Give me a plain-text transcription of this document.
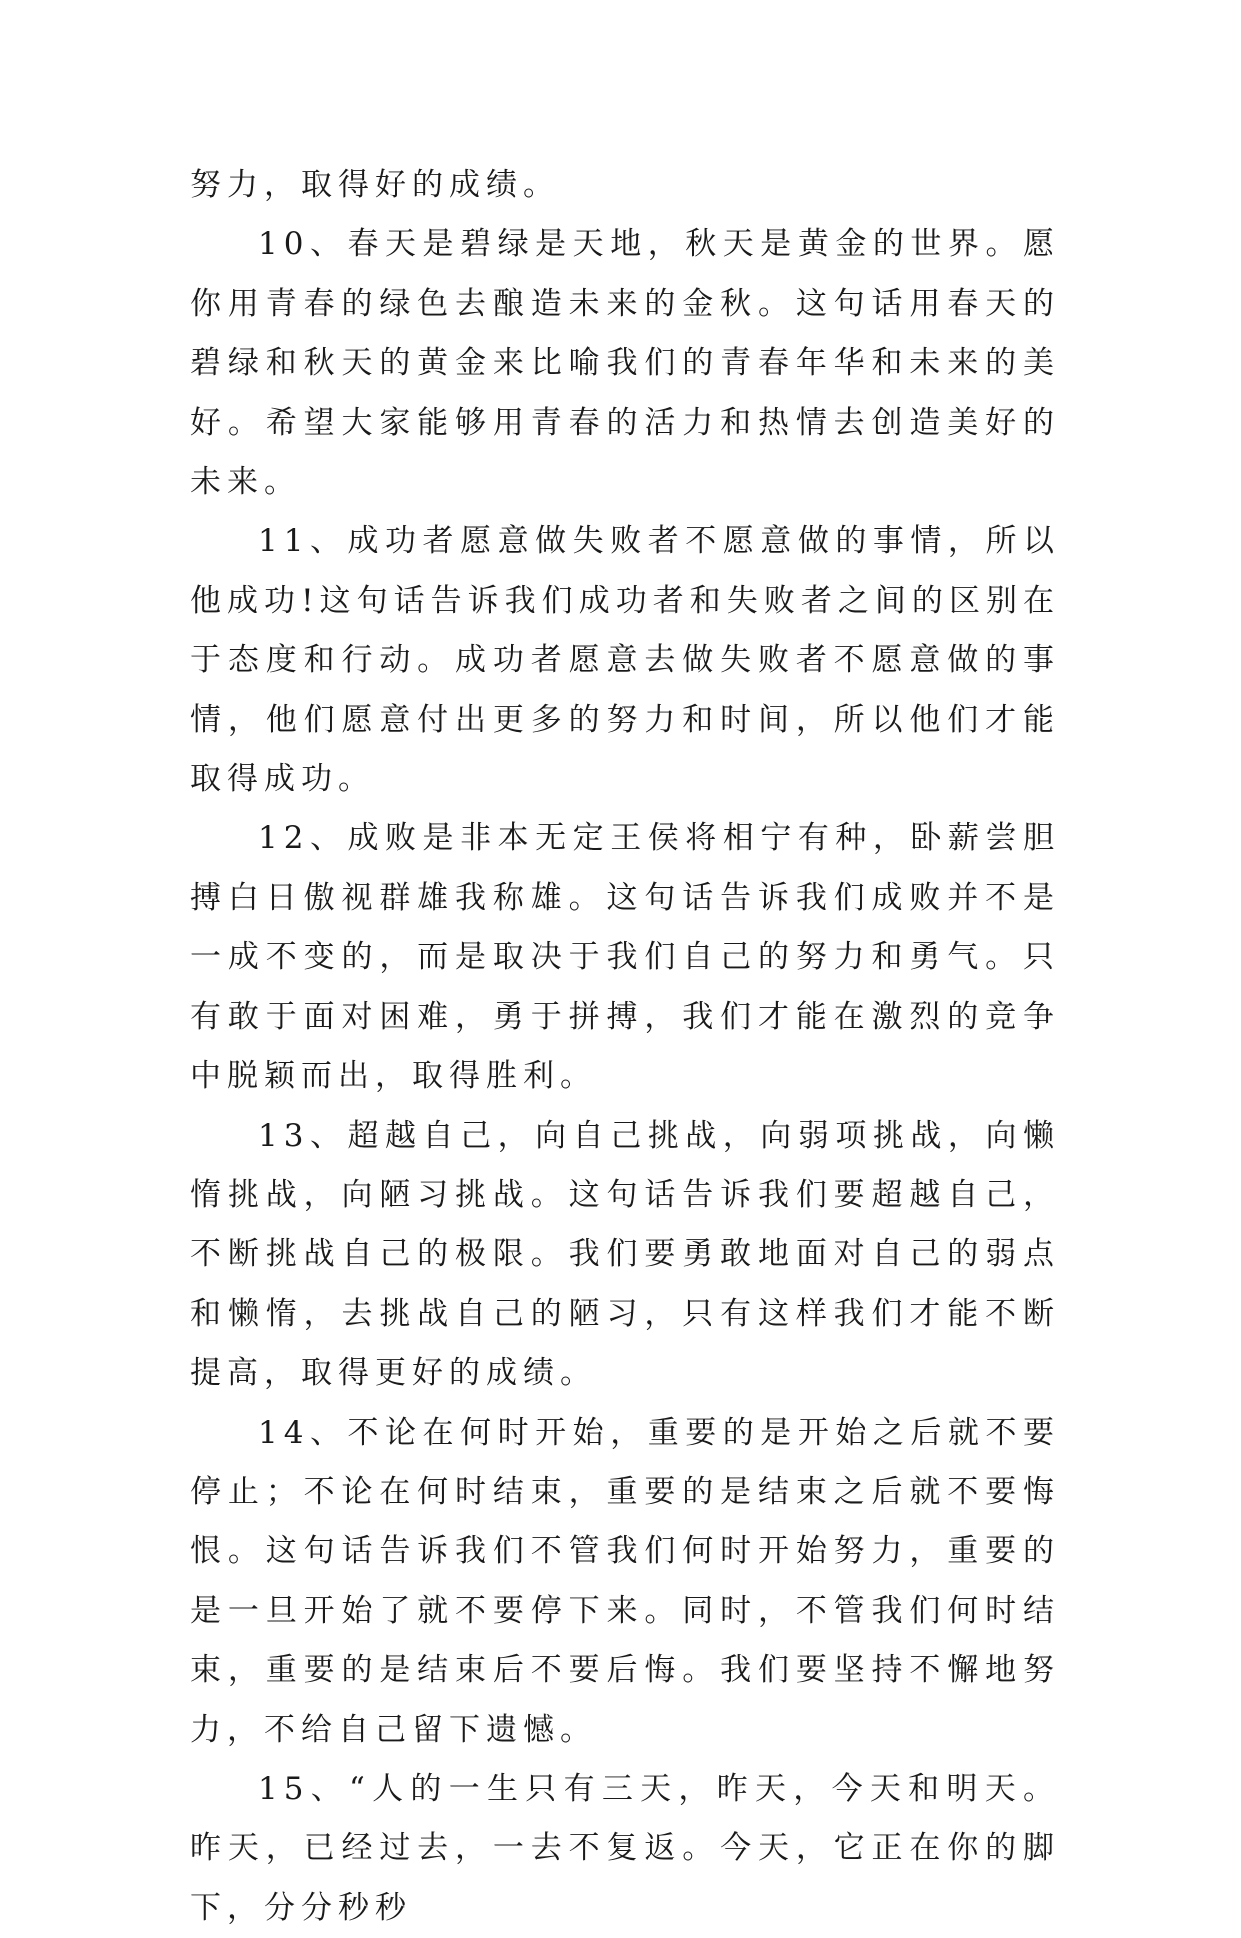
努力，取得好的成绩。

10、春天是碧绿是天地，秋天是黄金的世界。愿你用青春的绿色去酿造未来的金秋。这句话用春天的碧绿和秋天的黄金来比喻我们的青春年华和未来的美好。希望大家能够用青春的活力和热情去创造美好的未来。

11、成功者愿意做失败者不愿意做的事情，所以他成功!这句话告诉我们成功者和失败者之间的区别在于态度和行动。成功者愿意去做失败者不愿意做的事情，他们愿意付出更多的努力和时间，所以他们才能取得成功。

12、成败是非本无定王侯将相宁有种，卧薪尝胆搏白日傲视群雄我称雄。这句话告诉我们成败并不是一成不变的，而是取决于我们自己的努力和勇气。只有敢于面对困难，勇于拼搏，我们才能在激烈的竞争中脱颖而出，取得胜利。

13、超越自己，向自己挑战，向弱项挑战，向懒惰挑战，向陋习挑战。这句话告诉我们要超越自己，不断挑战自己的极限。我们要勇敢地面对自己的弱点和懒惰，去挑战自己的陋习，只有这样我们才能不断提高，取得更好的成绩。

14、不论在何时开始，重要的是开始之后就不要停止；不论在何时结束，重要的是结束之后就不要悔恨。这句话告诉我们不管我们何时开始努力，重要的是一旦开始了就不要停下来。同时，不管我们何时结束，重要的是结束后不要后悔。我们要坚持不懈地努力，不给自己留下遗憾。

15、“人的一生只有三天，昨天，今天和明天。昨天，已经过去，一去不复返。今天，它正在你的脚下，分分秒秒
